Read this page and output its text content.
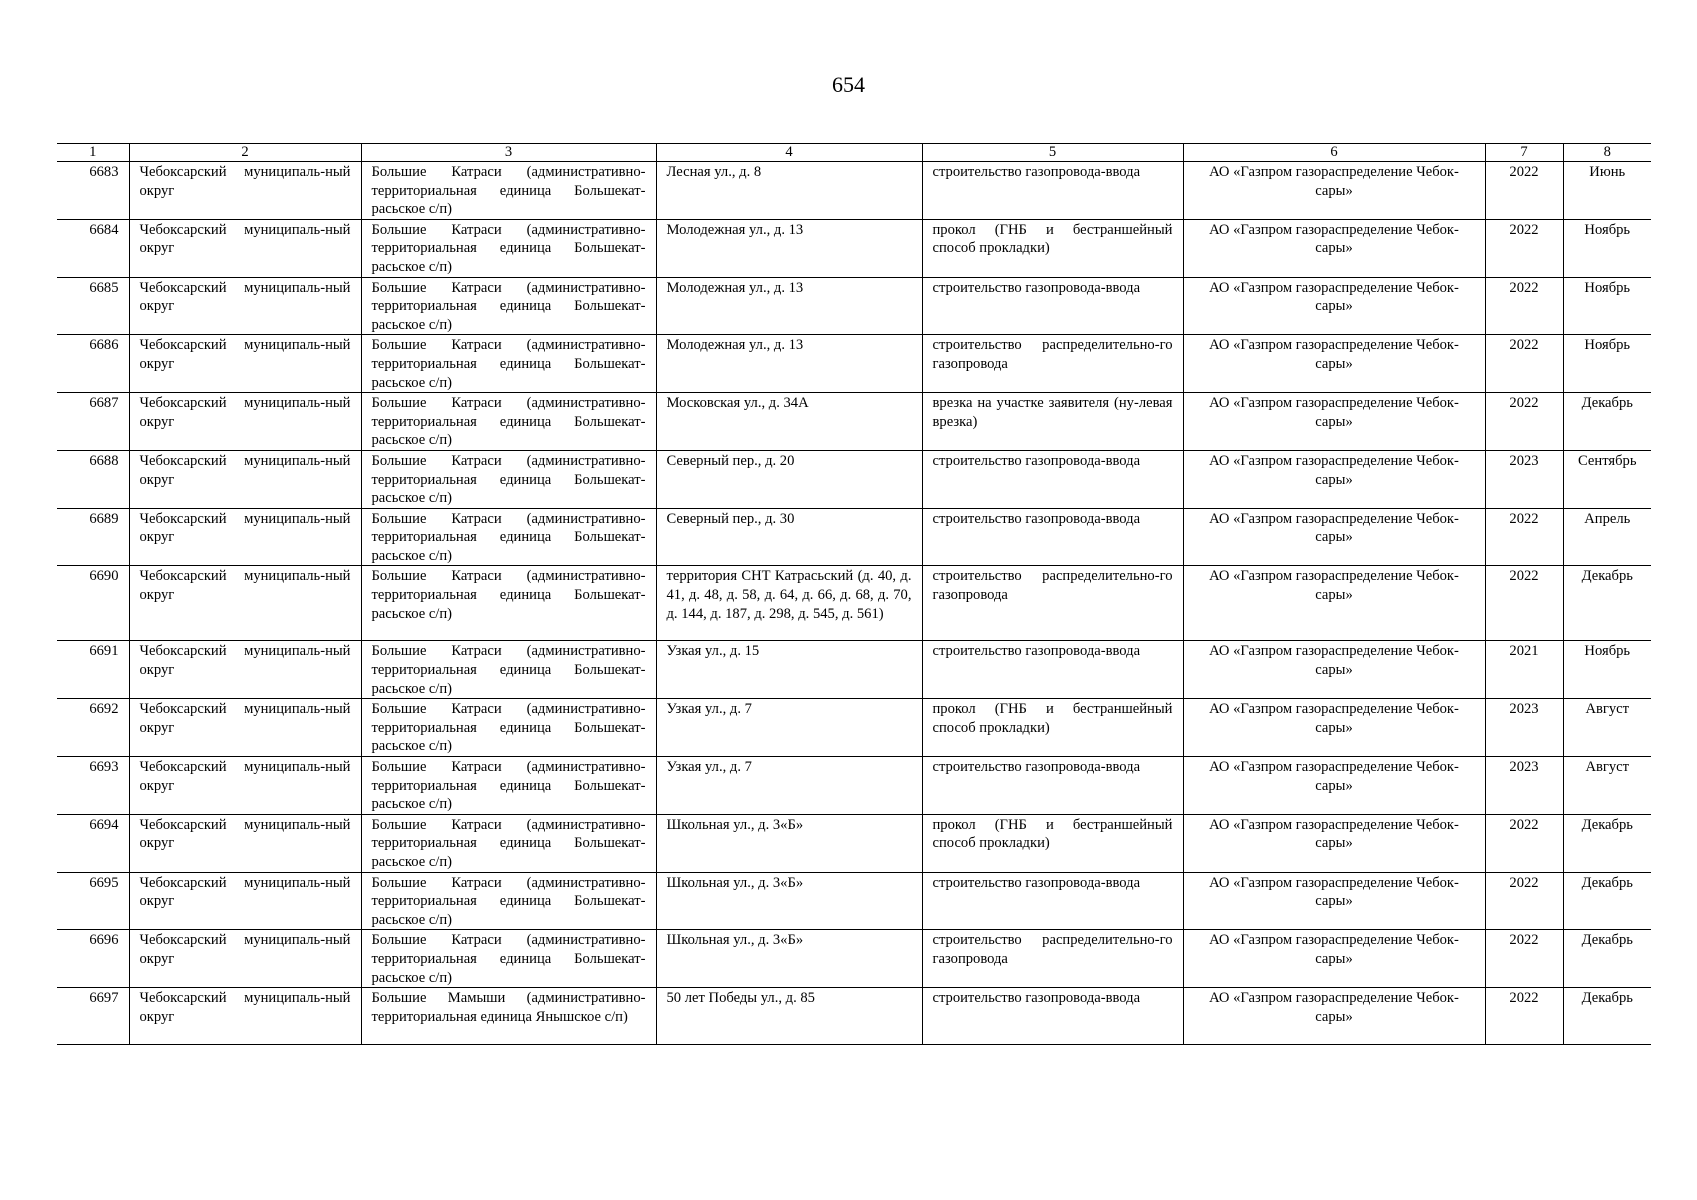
654
1	2	3	4	5	6	7	8
6683	Чебоксарский муниципаль-ный округ	Большие Катраси (административно-территориальная единица Большекат-расьское с/п)	Лесная ул., д. 8	строительство газопровода-ввода	АО «Газпром газораспределение Чебок-сары»	2022	Июнь
6684	Чебоксарский муниципаль-ный округ	Большие Катраси (административно-территориальная единица Большекат-расьское с/п)	Молодежная ул., д. 13	прокол (ГНБ и бестраншейный способ прокладки)	АО «Газпром газораспределение Чебок-сары»	2022	Ноябрь
6685	Чебоксарский муниципаль-ный округ	Большие Катраси (административно-территориальная единица Большекат-расьское с/п)	Молодежная ул., д. 13	строительство газопровода-ввода	АО «Газпром газораспределение Чебок-сары»	2022	Ноябрь
6686	Чебоксарский муниципаль-ный округ	Большие Катраси (административно-территориальная единица Большекат-расьское с/п)	Молодежная ул., д. 13	строительство распределительно-го газопровода	АО «Газпром газораспределение Чебок-сары»	2022	Ноябрь
6687	Чебоксарский муниципаль-ный округ	Большие Катраси (административно-территориальная единица Большекат-расьское с/п)	Московская ул., д. 34А	врезка на участке заявителя (ну-левая врезка)	АО «Газпром газораспределение Чебок-сары»	2022	Декабрь
6688	Чебоксарский муниципаль-ный округ	Большие Катраси (административно-территориальная единица Большекат-расьское с/п)	Северный пер., д. 20	строительство газопровода-ввода	АО «Газпром газораспределение Чебок-сары»	2023	Сентябрь
6689	Чебоксарский муниципаль-ный округ	Большие Катраси (административно-территориальная единица Большекат-расьское с/п)	Северный пер., д. 30	строительство газопровода-ввода	АО «Газпром газораспределение Чебок-сары»	2022	Апрель
6690	Чебоксарский муниципаль-ный округ	Большие Катраси (административно-территориальная единица Большекат-расьское с/п)	территория СНТ Катрасьский (д. 40, д. 41, д. 48, д. 58, д. 64, д. 66, д. 68, д. 70, д. 144, д. 187, д. 298, д. 545, д. 561)	строительство распределительно-го газопровода	АО «Газпром газораспределение Чебок-сары»	2022	Декабрь
6691	Чебоксарский муниципаль-ный округ	Большие Катраси (административно-территориальная единица Большекат-расьское с/п)	Узкая ул., д. 15	строительство газопровода-ввода	АО «Газпром газораспределение Чебок-сары»	2021	Ноябрь
6692	Чебоксарский муниципаль-ный округ	Большие Катраси (административно-территориальная единица Большекат-расьское с/п)	Узкая ул., д. 7	прокол (ГНБ и бестраншейный способ прокладки)	АО «Газпром газораспределение Чебок-сары»	2023	Август
6693	Чебоксарский муниципаль-ный округ	Большие Катраси (административно-территориальная единица Большекат-расьское с/п)	Узкая ул., д. 7	строительство газопровода-ввода	АО «Газпром газораспределение Чебок-сары»	2023	Август
6694	Чебоксарский муниципаль-ный округ	Большие Катраси (административно-территориальная единица Большекат-расьское с/п)	Школьная ул., д. 3«Б»	прокол (ГНБ и бестраншейный способ прокладки)	АО «Газпром газораспределение Чебок-сары»	2022	Декабрь
6695	Чебоксарский муниципаль-ный округ	Большие Катраси (административно-территориальная единица Большекат-расьское с/п)	Школьная ул., д. 3«Б»	строительство газопровода-ввода	АО «Газпром газораспределение Чебок-сары»	2022	Декабрь
6696	Чебоксарский муниципаль-ный округ	Большие Катраси (административно-территориальная единица Большекат-расьское с/п)	Школьная ул., д. 3«Б»	строительство распределительно-го газопровода	АО «Газпром газораспределение Чебок-сары»	2022	Декабрь
6697	Чебоксарский муниципаль-ный округ	Большие Мамыши (административно-территориальная единица Янышское с/п)	50 лет Победы ул., д. 85	строительство газопровода-ввода	АО «Газпром газораспределение Чебок-сары»	2022	Декабрь
